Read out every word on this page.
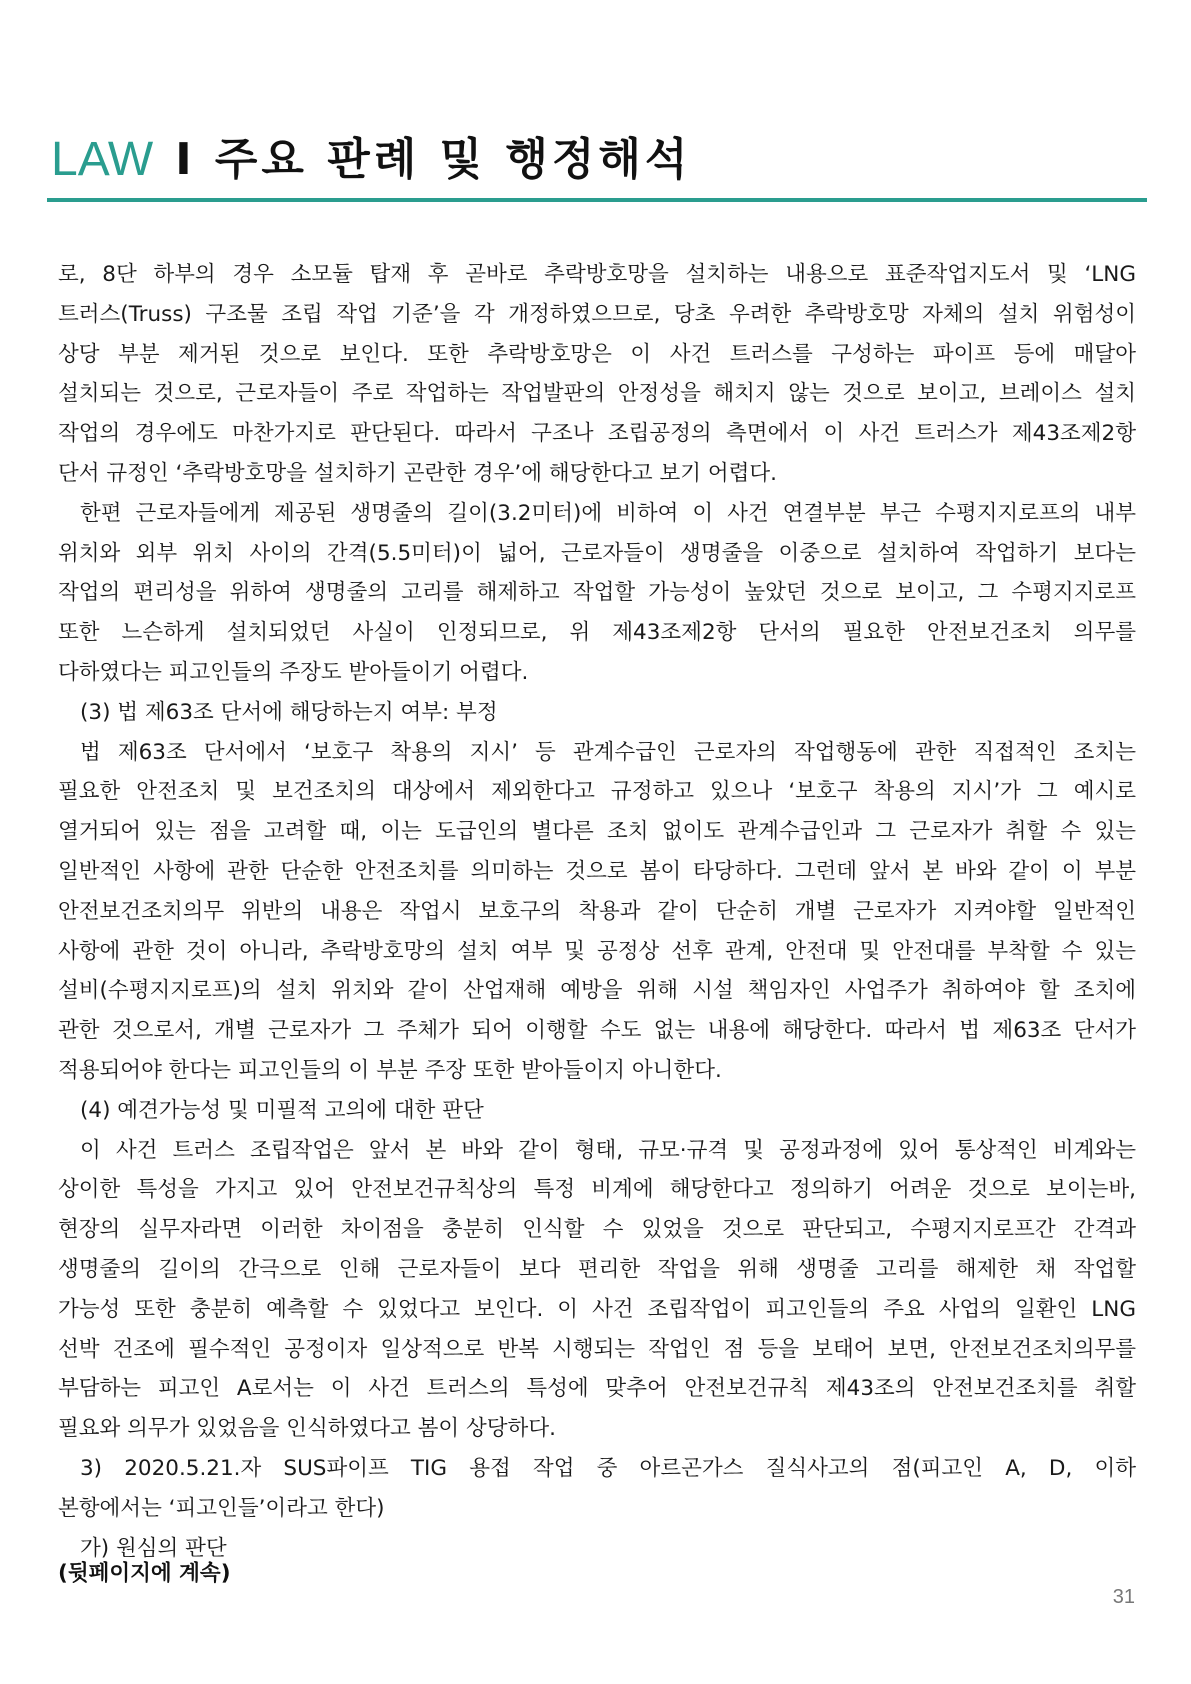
LAW I 주요 판례 및 행정해석
로, 8단 하부의 경우 소모듈 탑재 후 곧바로 추락방호망을 설치하는 내용으로 표준작업지도서 및 ‘LNG
트러스(Truss) 구조물 조립 작업 기준’을 각 개정하였으므로, 당초 우려한 추락방호망 자체의 설치 위험성이
상당 부분 제거된 것으로 보인다. 또한 추락방호망은 이 사건 트러스를 구성하는 파이프 등에 매달아
설치되는 것으로, 근로자들이 주로 작업하는 작업발판의 안정성을 해치지 않는 것으로 보이고, 브레이스 설치
작업의 경우에도 마찬가지로 판단된다. 따라서 구조나 조립공정의 측면에서 이 사건 트러스가 제43조제2항
단서 규정인 ‘추락방호망을 설치하기 곤란한 경우’에 해당한다고 보기 어렵다.
한편 근로자들에게 제공된 생명줄의 길이(3.2미터)에 비하여 이 사건 연결부분 부근 수평지지로프의 내부
위치와 외부 위치 사이의 간격(5.5미터)이 넓어, 근로자들이 생명줄을 이중으로 설치하여 작업하기 보다는
작업의 편리성을 위하여 생명줄의 고리를 해제하고 작업할 가능성이 높았던 것으로 보이고, 그 수평지지로프
또한 느슨하게 설치되었던 사실이 인정되므로, 위 제43조제2항 단서의 필요한 안전보건조치 의무를
다하였다는 피고인들의 주장도 받아들이기 어렵다.
(3) 법 제63조 단서에 해당하는지 여부: 부정
법 제63조 단서에서 ‘보호구 착용의 지시’ 등 관계수급인 근로자의 작업행동에 관한 직접적인 조치는
필요한 안전조치 및 보건조치의 대상에서 제외한다고 규정하고 있으나 ‘보호구 착용의 지시’가 그 예시로
열거되어 있는 점을 고려할 때, 이는 도급인의 별다른 조치 없이도 관계수급인과 그 근로자가 취할 수 있는
일반적인 사항에 관한 단순한 안전조치를 의미하는 것으로 봄이 타당하다. 그런데 앞서 본 바와 같이 이 부분
안전보건조치의무 위반의 내용은 작업시 보호구의 착용과 같이 단순히 개별 근로자가 지켜야할 일반적인
사항에 관한 것이 아니라, 추락방호망의 설치 여부 및 공정상 선후 관계, 안전대 및 안전대를 부착할 수 있는
설비(수평지지로프)의 설치 위치와 같이 산업재해 예방을 위해 시설 책임자인 사업주가 취하여야 할 조치에
관한 것으로서, 개별 근로자가 그 주체가 되어 이행할 수도 없는 내용에 해당한다. 따라서 법 제63조 단서가
적용되어야 한다는 피고인들의 이 부분 주장 또한 받아들이지 아니한다.
(4) 예견가능성 및 미필적 고의에 대한 판단
이 사건 트러스 조립작업은 앞서 본 바와 같이 형태, 규모·규격 및 공정과정에 있어 통상적인 비계와는
상이한 특성을 가지고 있어 안전보건규칙상의 특정 비계에 해당한다고 정의하기 어려운 것으로 보이는바,
현장의 실무자라면 이러한 차이점을 충분히 인식할 수 있었을 것으로 판단되고, 수평지지로프간 간격과
생명줄의 길이의 간극으로 인해 근로자들이 보다 편리한 작업을 위해 생명줄 고리를 해제한 채 작업할
가능성 또한 충분히 예측할 수 있었다고 보인다. 이 사건 조립작업이 피고인들의 주요 사업의 일환인 LNG
선박 건조에 필수적인 공정이자 일상적으로 반복 시행되는 작업인 점 등을 보태어 보면, 안전보건조치의무를
부담하는 피고인 A로서는 이 사건 트러스의 특성에 맞추어 안전보건규칙 제43조의 안전보건조치를 취할
필요와 의무가 있었음을 인식하였다고 봄이 상당하다.
3) 2020.5.21.자 SUS파이프 TIG 용접 작업 중 아르곤가스 질식사고의 점(피고인 A, D, 이하
본항에서는 ‘피고인들’이라고 한다)
가) 원심의 판단
(뒷페이지에 계속)
31
